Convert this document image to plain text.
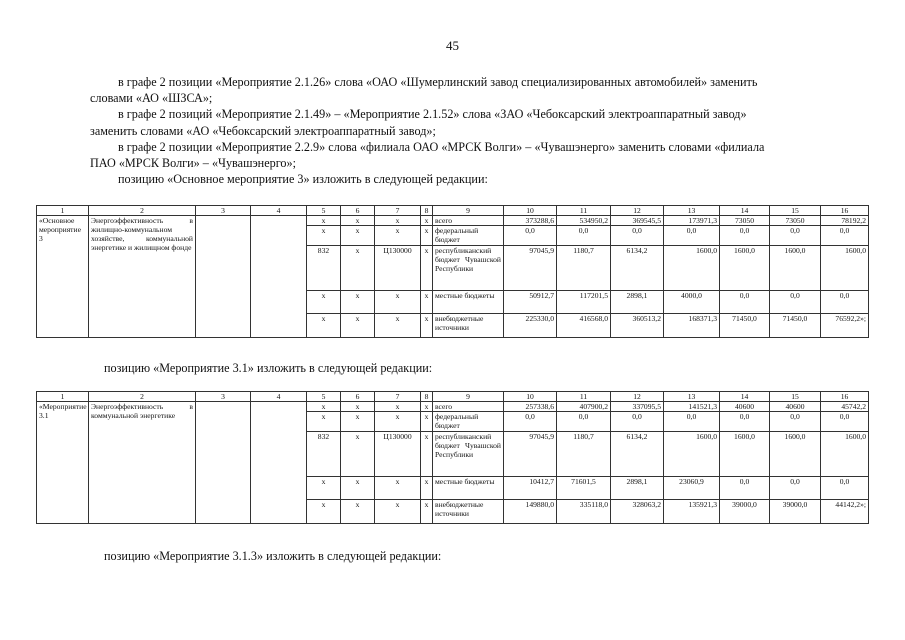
45

в графе 2 позиции «Мероприятие 2.1.26» слова «ОАО «Шумерлинский завод специализированных автомобилей» заменить

словами «АО «ШЗСА»;

в графе 2 позиций «Мероприятие 2.1.49» – «Мероприятие 2.1.52» слова «ЗАО «Чебоксарский электроаппаратный завод»

заменить словами «АО «Чебоксарский электроаппаратный завод»;

в графе 2 позиции «Мероприятие 2.2.9» слова «филиала ОАО «МРСК Волги» – «Чувашэнерго» заменить словами «филиала

ПАО «МРСК Волги» – «Чувашэнерго»;

позицию «Основное мероприятие 3» изложить в следующей редакции:

1	2	3	4	5	6	7	8	9	10	11	12	13	14	15	16
«Основное мероприятие 3	Энергоэффективность в жилищно-коммунальном хозяйстве, коммунальной энергетике и жилищном фонде			x	x	x	x	всего	373288,6	534950,2	369545,5	173971,3	73050	73050	78192,2
				x	x	x	x	федеральный бюджет	0,0	0,0	0,0	0,0	0,0	0,0	0,0
				832	x	Ц130000	x	республиканский бюджет Чувашской Республики	97045,9	1180,7	6134,2	1600,0	1600,0	1600,0	1600,0
				x	x	x	x	местные бюджеты	50912,7	117201,5	2898,1	4000,0	0,0	0,0	0,0
				x	x	x	x	внебюджетные источники	225330,0	416568,0	360513,2	168371,3	71450,0	71450,0	76592,2»;
позицию «Мероприятие 3.1» изложить в следующей редакции:
1	2	3	4	5	6	7	8	9	10	11	12	13	14	15	16
«Мероприятие 3.1	Энергоэффективность в коммунальной энергетике			x	x	x	x	всего	257338,6	407900,2	337095,5	141521,3	40600	40600	45742,2
				x	x	x	x	федеральный бюджет	0,0	0,0	0,0	0,0	0,0	0,0	0,0
				832	x	Ц130000	x	республиканский бюджет Чувашской Республики	97045,9	1180,7	6134,2	1600,0	1600,0	1600,0	1600,0
				x	x	x	x	местные бюджеты	10412,7	71601,5	2898,1	23060,9	0,0	0,0	0,0
				x	x	x	x	внебюджетные источники	149880,0	335118,0	328063,2	135921,3	39000,0	39000,0	44142,2»;
позицию «Мероприятие 3.1.3» изложить в следующей редакции:
